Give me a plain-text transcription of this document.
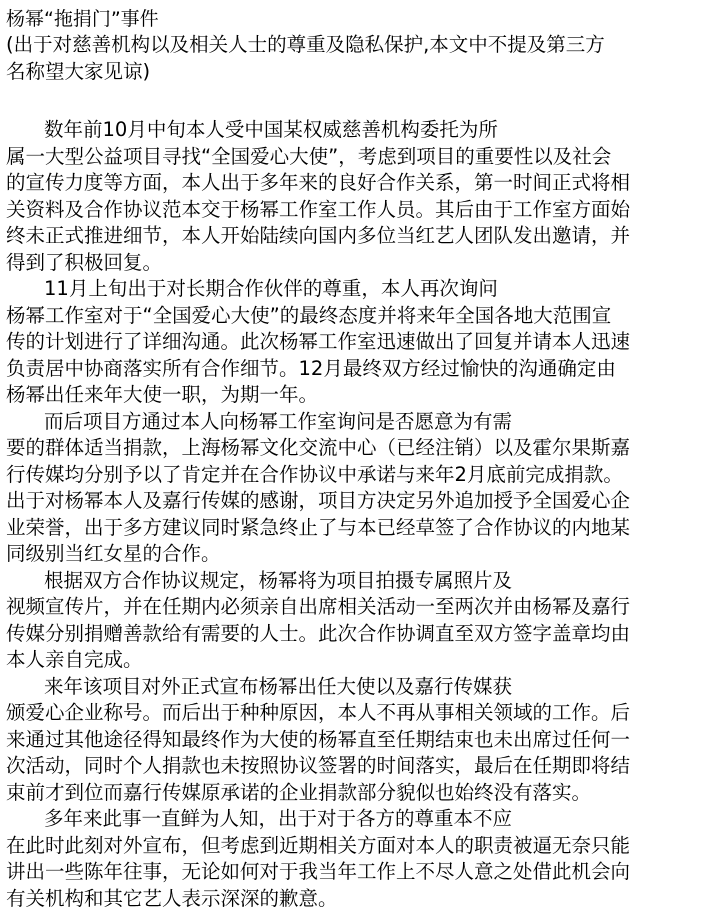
杨幂“拖捐门”事件
(出于对慈善机构以及相关人士的尊重及隐私保护,本文中不提及第三方
名称望大家见谅)
数年前10月中旬本人受中国某权威慈善机构委托为所
属一大型公益项目寻找“全国爱心大使”，考虑到项目的重要性以及社会
的宣传力度等方面，本人出于多年来的良好合作关系，第一时间正式将相
关资料及合作协议范本交于杨幂工作室工作人员。其后由于工作室方面始
终未正式推进细节，本人开始陆续向国内多位当红艺人团队发出邀请，并
得到了积极回复。
11月上旬出于对长期合作伙伴的尊重，本人再次询问
杨幂工作室对于“全国爱心大使”的最终态度并将来年全国各地大范围宣
传的计划进行了详细沟通。此次杨幂工作室迅速做出了回复并请本人迅速
负责居中协商落实所有合作细节。12月最终双方经过愉快的沟通确定由
杨幂出任来年大使一职，为期一年。
而后项目方通过本人向杨幂工作室询问是否愿意为有需
要的群体适当捐款，上海杨幂文化交流中心（已经注销）以及霍尔果斯嘉
行传媒均分别予以了肯定并在合作协议中承诺与来年2月底前完成捐款。
出于对杨幂本人及嘉行传媒的感谢，项目方决定另外追加授予全国爱心企
业荣誉，出于多方建议同时紧急终止了与本已经草签了合作协议的内地某
同级别当红女星的合作。
根据双方合作协议规定，杨幂将为项目拍摄专属照片及
视频宣传片，并在任期内必须亲自出席相关活动一至两次并由杨幂及嘉行
传媒分别捐赠善款给有需要的人士。此次合作协调直至双方签字盖章均由
本人亲自完成。
来年该项目对外正式宣布杨幂出任大使以及嘉行传媒获
颁爱心企业称号。而后出于种种原因，本人不再从事相关领域的工作。后
来通过其他途径得知最终作为大使的杨幂直至任期结束也未出席过任何一
次活动，同时个人捐款也未按照协议签署的时间落实，最后在任期即将结
束前才到位而嘉行传媒原承诺的企业捐款部分貌似也始终没有落实。
多年来此事一直鲜为人知，出于对于各方的尊重本不应
在此时此刻对外宣布，但考虑到近期相关方面对本人的职责被逼无奈只能
讲出一些陈年往事，无论如何对于我当年工作上不尽人意之处借此机会向
有关机构和其它艺人表示深深的歉意。
